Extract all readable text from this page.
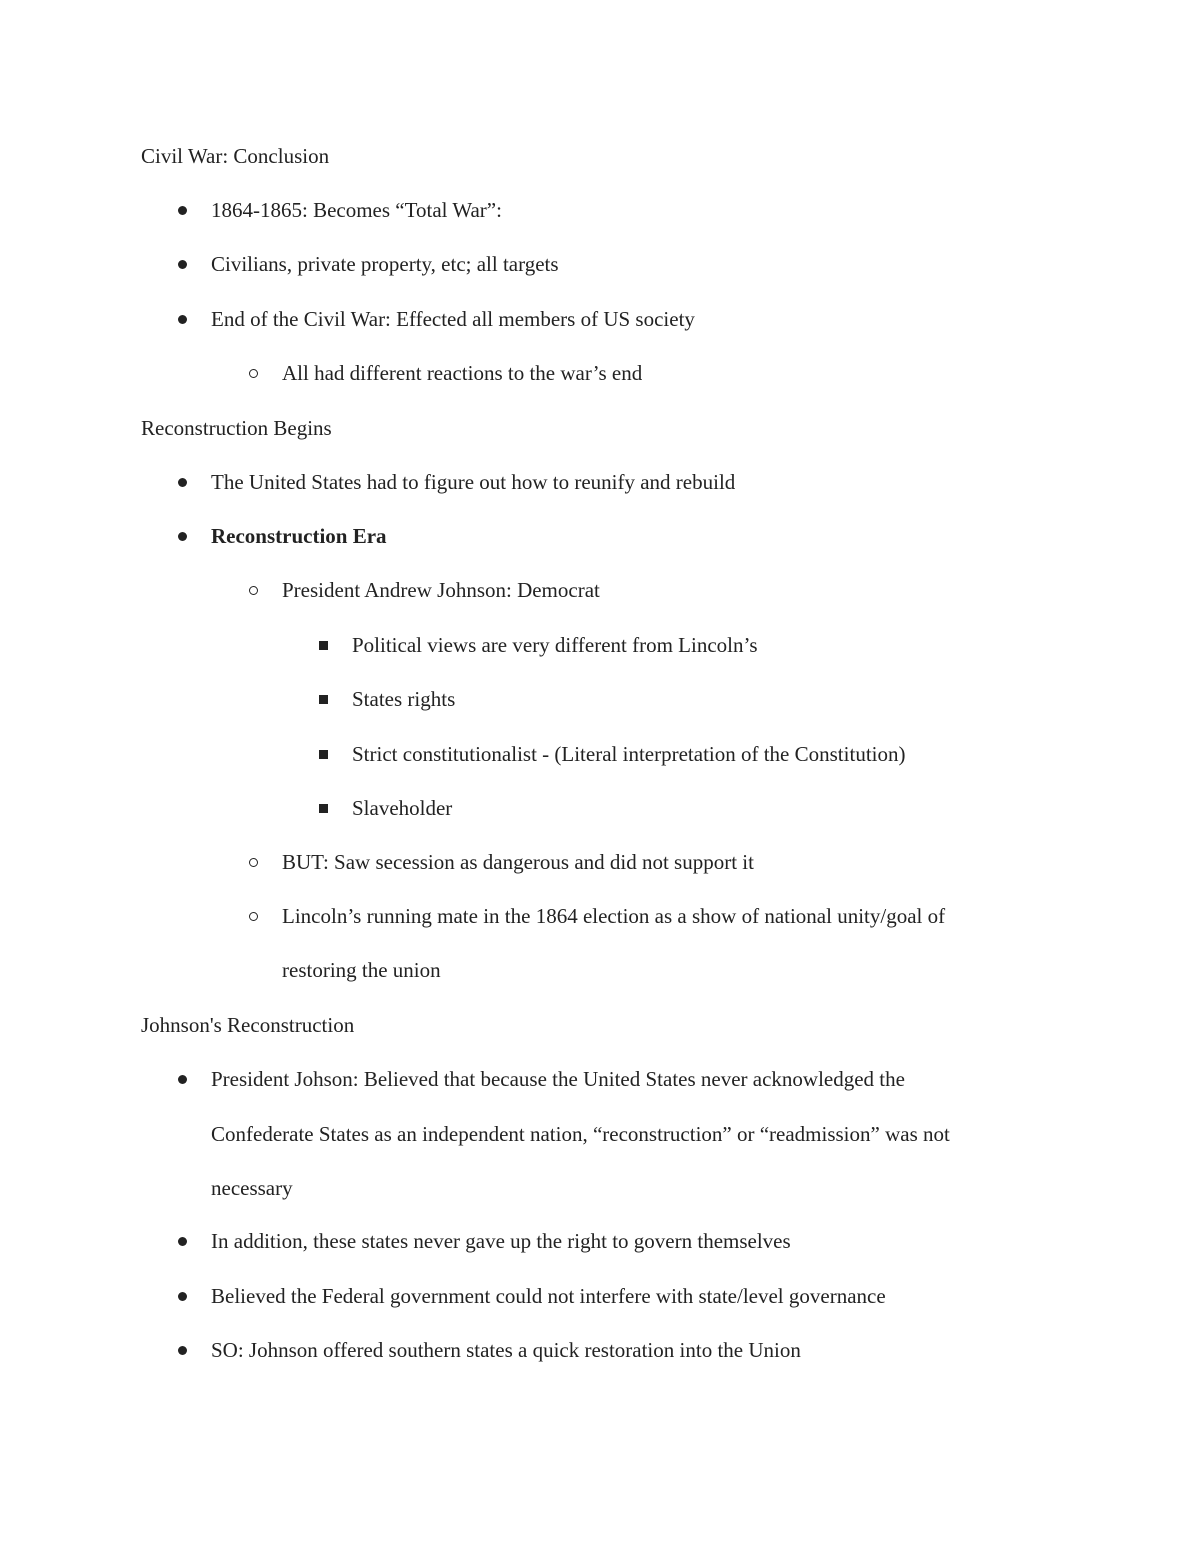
Civil War: Conclusion
1864-1865: Becomes “Total War”:
Civilians, private property, etc; all targets
End of the Civil War: Effected all members of US society
All had different reactions to the war’s end
Reconstruction Begins
The United States had to figure out how to reunify and rebuild
Reconstruction Era
President Andrew Johnson: Democrat
Political views are very different from Lincoln’s
States rights
Strict constitutionalist - (Literal interpretation of the Constitution)
Slaveholder
BUT: Saw secession as dangerous and did not support it
Lincoln’s running mate in the 1864 election as a show of national unity/goal of
restoring the union
Johnson's Reconstruction
President Johson: Believed that because the United States never acknowledged the
Confederate States as an independent nation, “reconstruction” or “readmission” was not
necessary
In addition, these states never gave up the right to govern themselves
Believed the Federal government could not interfere with state/level governance
SO: Johnson offered southern states a quick restoration into the Union
